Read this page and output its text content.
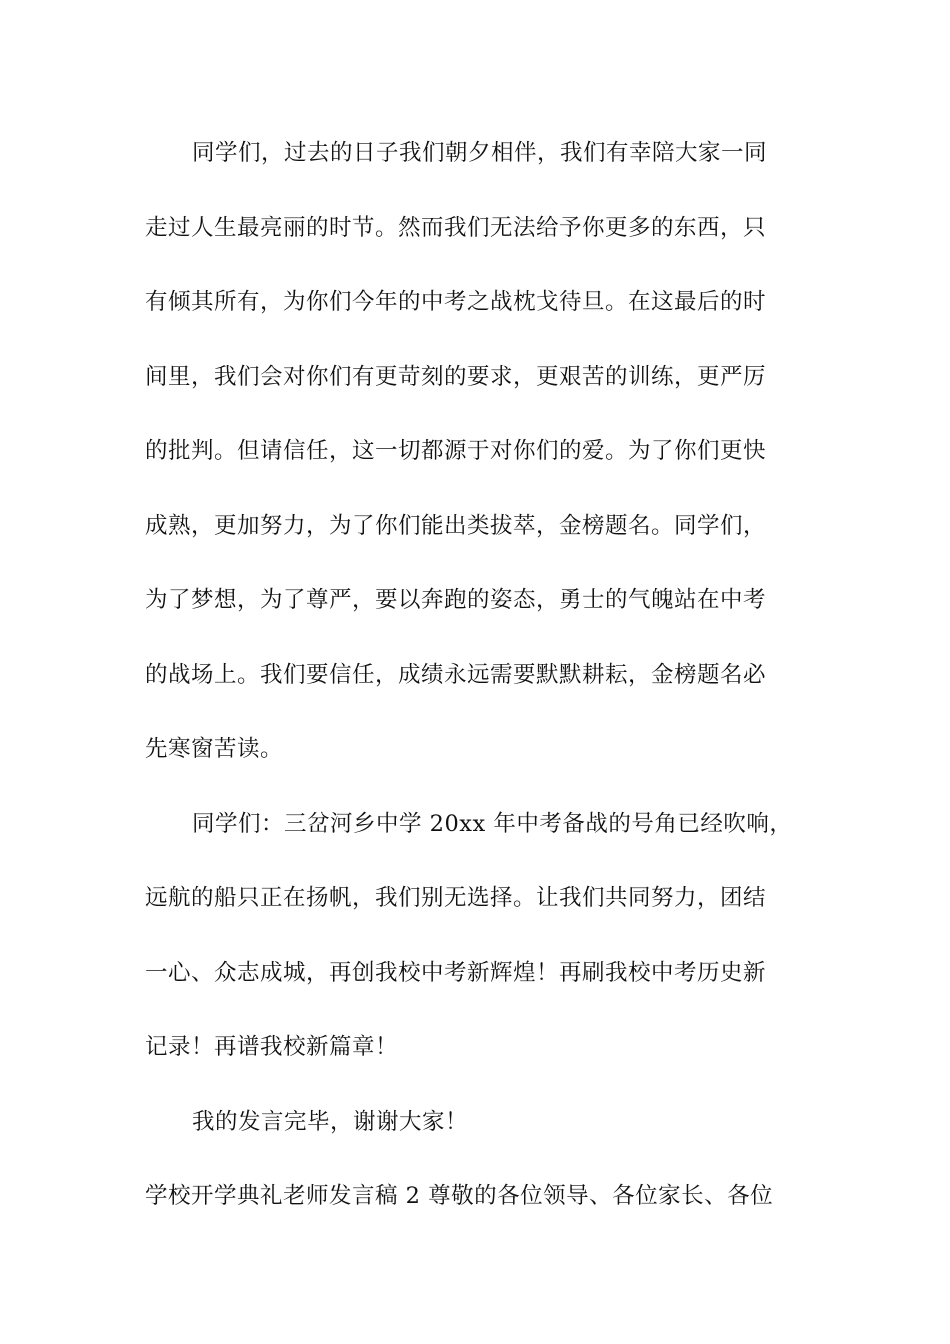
同学们，过去的日子我们朝夕相伴，我们有幸陪大家一同
走过人生最亮丽的时节。然而我们无法给予你更多的东西，只
有倾其所有，为你们今年的中考之战枕戈待旦。在这最后的时
间里，我们会对你们有更苛刻的要求，更艰苦的训练，更严厉
的批判。但请信任，这一切都源于对你们的爱。为了你们更快
成熟，更加努力，为了你们能出类拔萃，金榜题名。同学们，
为了梦想，为了尊严，要以奔跑的姿态，勇士的气魄站在中考
的战场上。我们要信任，成绩永远需要默默耕耘，金榜题名必
先寒窗苦读。
同学们：三岔河乡中学 20xx 年中考备战的号角已经吹响，
远航的船只正在扬帆，我们别无选择。让我们共同努力，团结
一心、众志成城，再创我校中考新辉煌！再刷我校中考历史新
记录！再谱我校新篇章！
我的发言完毕，谢谢大家！
学校开学典礼老师发言稿 2 尊敬的各位领导、各位家长、各位
